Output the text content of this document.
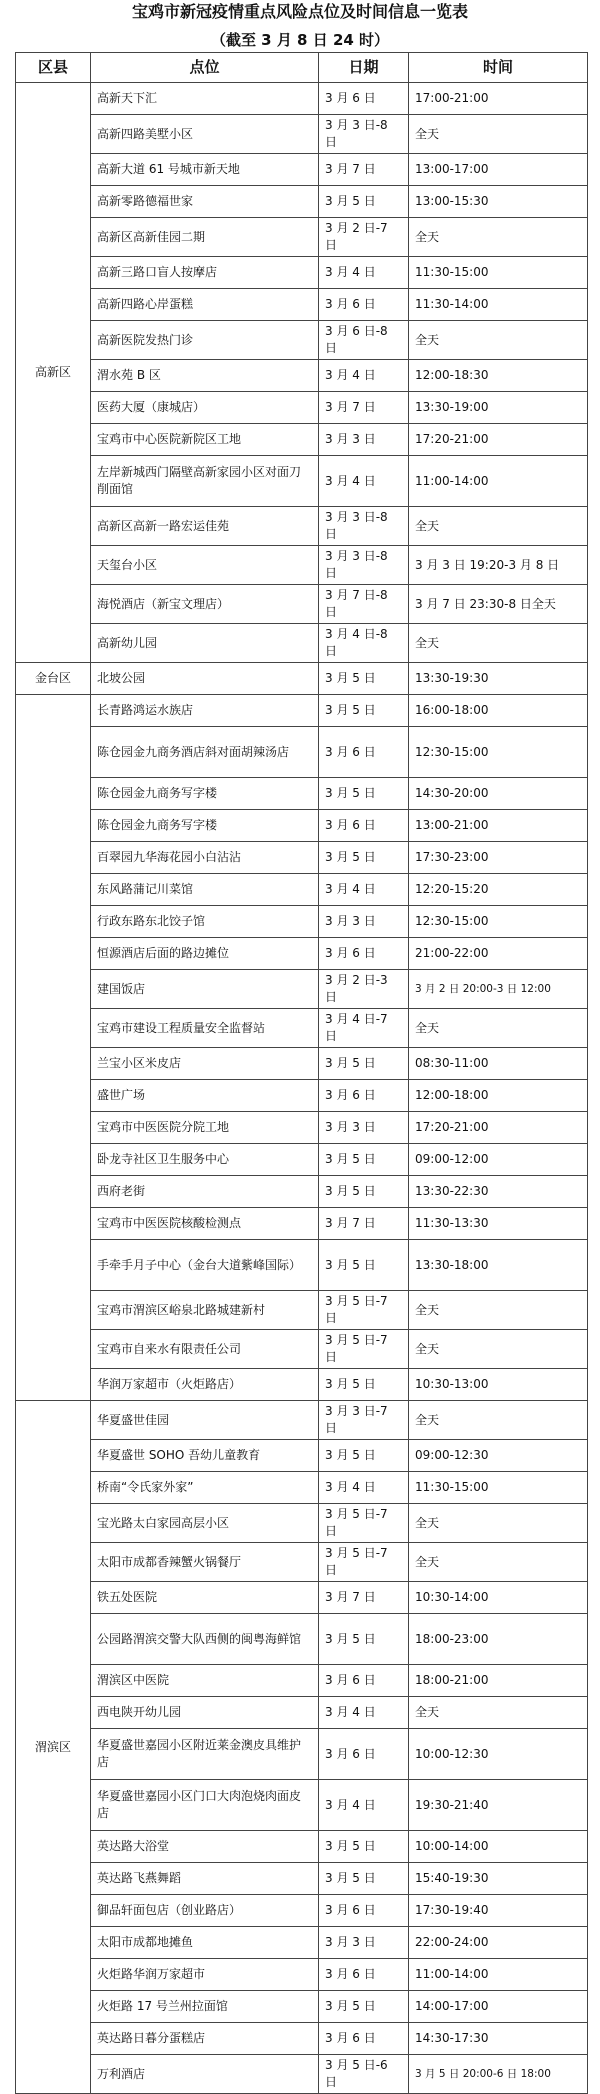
宝鸡市新冠疫情重点风险点位及时间信息一览表
（截至 3 月 8 日 24 时）
区县	点位	日期	时间
高新区	高新天下汇	3 月 6 日	17:00-21:00
	高新四路美墅小区	3 月 3 日-8 日	全天
	高新大道 61 号城市新天地	3 月 7 日	13:00-17:00
	高新零路德福世家	3 月 5 日	13:00-15:30
	高新区高新佳园二期	3 月 2 日-7 日	全天
	高新三路口盲人按摩店	3 月 4 日	11:30-15:00
	高新四路心岸蛋糕	3 月 6 日	11:30-14:00
	高新医院发热门诊	3 月 6 日-8 日	全天
	渭水苑 B 区	3 月 4 日	12:00-18:30
	医药大厦（康城店）	3 月 7 日	13:30-19:00
	宝鸡市中心医院新院区工地	3 月 3 日	17:20-21:00
	左岸新城西门隔壁高新家园小区对面刀削面馆	3 月 4 日	11:00-14:00
	高新区高新一路宏运佳苑	3 月 3 日-8 日	全天
	天玺台小区	3 月 3 日-8 日	3 月 3 日 19:20-3 月 8 日
	海悦酒店（新宝文理店）	3 月 7 日-8 日	3 月 7 日 23:30-8 日全天
	高新幼儿园	3 月 4 日-8 日	全天
金台区	北坡公园	3 月 5 日	13:30-19:30
	长青路鸿运水族店	3 月 5 日	16:00-18:00
	陈仓园金九商务酒店斜对面胡辣汤店	3 月 6 日	12:30-15:00
	陈仓园金九商务写字楼	3 月 5 日	14:30-20:00
	陈仓园金九商务写字楼	3 月 6 日	13:00-21:00
	百翠园九华海花园小白沾沾	3 月 5 日	17:30-23:00
	东风路蒲记川菜馆	3 月 4 日	12:20-15:20
	行政东路东北饺子馆	3 月 3 日	12:30-15:00
	恒源酒店后面的路边摊位	3 月 6 日	21:00-22:00
	建国饭店	3 月 2 日-3 日	3 月 2 日 20:00-3 日 12:00
	宝鸡市建设工程质量安全监督站	3 月 4 日-7 日	全天
	兰宝小区米皮店	3 月 5 日	08:30-11:00
	盛世广场	3 月 6 日	12:00-18:00
	宝鸡市中医医院分院工地	3 月 3 日	17:20-21:00
	卧龙寺社区卫生服务中心	3 月 5 日	09:00-12:00
	西府老街	3 月 5 日	13:30-22:30
	宝鸡市中医医院核酸检测点	3 月 7 日	11:30-13:30
	手牵手月子中心（金台大道紫峰国际）	3 月 5 日	13:30-18:00
	宝鸡市渭滨区峪泉北路城建新村	3 月 5 日-7 日	全天
	宝鸡市自来水有限责任公司	3 月 5 日-7 日	全天
	华润万家超市（火炬路店）	3 月 5 日	10:30-13:00
渭滨区	华夏盛世佳园	3 月 3 日-7 日	全天
	华夏盛世 SOHO 吾幼儿童教育	3 月 5 日	09:00-12:30
	桥南“令氏家外家”	3 月 4 日	11:30-15:00
	宝光路太白家园高层小区	3 月 5 日-7 日	全天
	太阳市成都香辣蟹火锅餐厅	3 月 5 日-7 日	全天
	铁五处医院	3 月 7 日	10:30-14:00
	公园路渭滨交警大队西侧的闽粤海鲜馆	3 月 5 日	18:00-23:00
	渭滨区中医院	3 月 6 日	18:00-21:00
	西电陕开幼儿园	3 月 4 日	全天
	华夏盛世嘉园小区附近莱金澳皮具维护店	3 月 6 日	10:00-12:30
	华夏盛世嘉园小区门口大肉泡烧肉面皮店	3 月 4 日	19:30-21:40
	英达路大浴堂	3 月 5 日	10:00-14:00
	英达路飞燕舞蹈	3 月 5 日	15:40-19:30
	御品轩面包店（创业路店）	3 月 6 日	17:30-19:40
	太阳市成都地摊鱼	3 月 3 日	22:00-24:00
	火炬路华润万家超市	3 月 6 日	11:00-14:00
	火炬路 17 号兰州拉面馆	3 月 5 日	14:00-17:00
	英达路日暮分蛋糕店	3 月 6 日	14:30-17:30
	万利酒店	3 月 5 日-6 日	3 月 5 日 20:00-6 日 18:00
